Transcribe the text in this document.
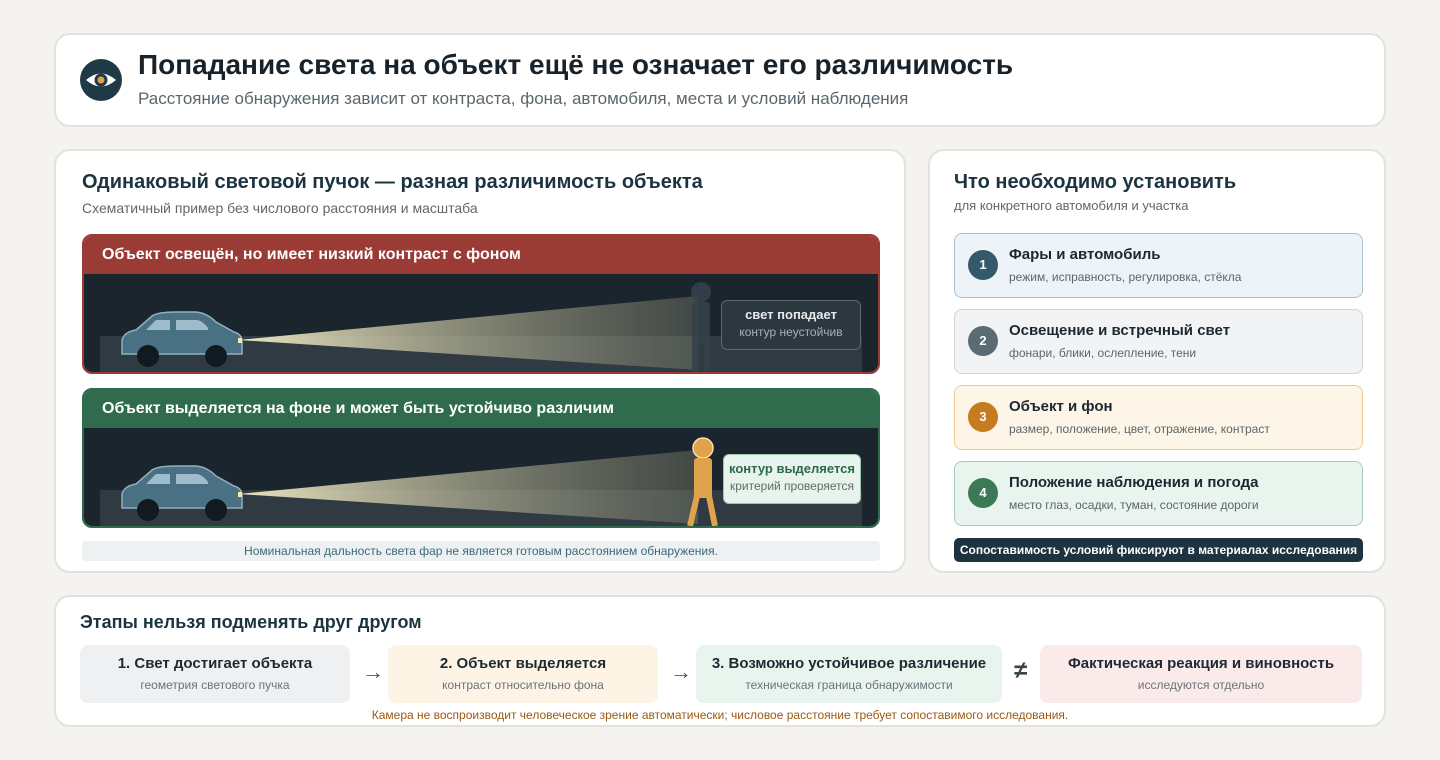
Попадание света на объект ещё не означает его различимость
Расстояние обнаружения зависит от контраста, фона, автомобиля, места и условий наблюдения
Одинаковый световой пучок — разная различимость объекта
Схематичный пример без числового расстояния и масштаба
Объект освещён, но имеет низкий контраст с фоном
свет попадает
контур неустойчив
Объект выделяется на фоне и может быть устойчиво различим
контур выделяется
критерий проверяется
Номинальная дальность света фар не является готовым расстоянием обнаружения.
Что необходимо установить
для конкретного автомобиля и участка
1
Фары и автомобиль
режим, исправность, регулировка, стёкла
2
Освещение и встречный свет
фонари, блики, ослепление, тени
3
Объект и фон
размер, положение, цвет, отражение, контраст
4
Положение наблюдения и погода
место глаз, осадки, туман, состояние дороги
Сопоставимость условий фиксируют в материалах исследования
Этапы нельзя подменять друг другом
1. Свет достигает объекта
геометрия светового пучка
→	2. Объект выделяется
контраст относительно фона
→	3. Возможно устойчивое различение
техническая граница обнаружимости
≠	Фактическая реакция и виновность
исследуются отдельно
Камера не воспроизводит человеческое зрение автоматически; числовое расстояние требует сопоставимого исследования.
